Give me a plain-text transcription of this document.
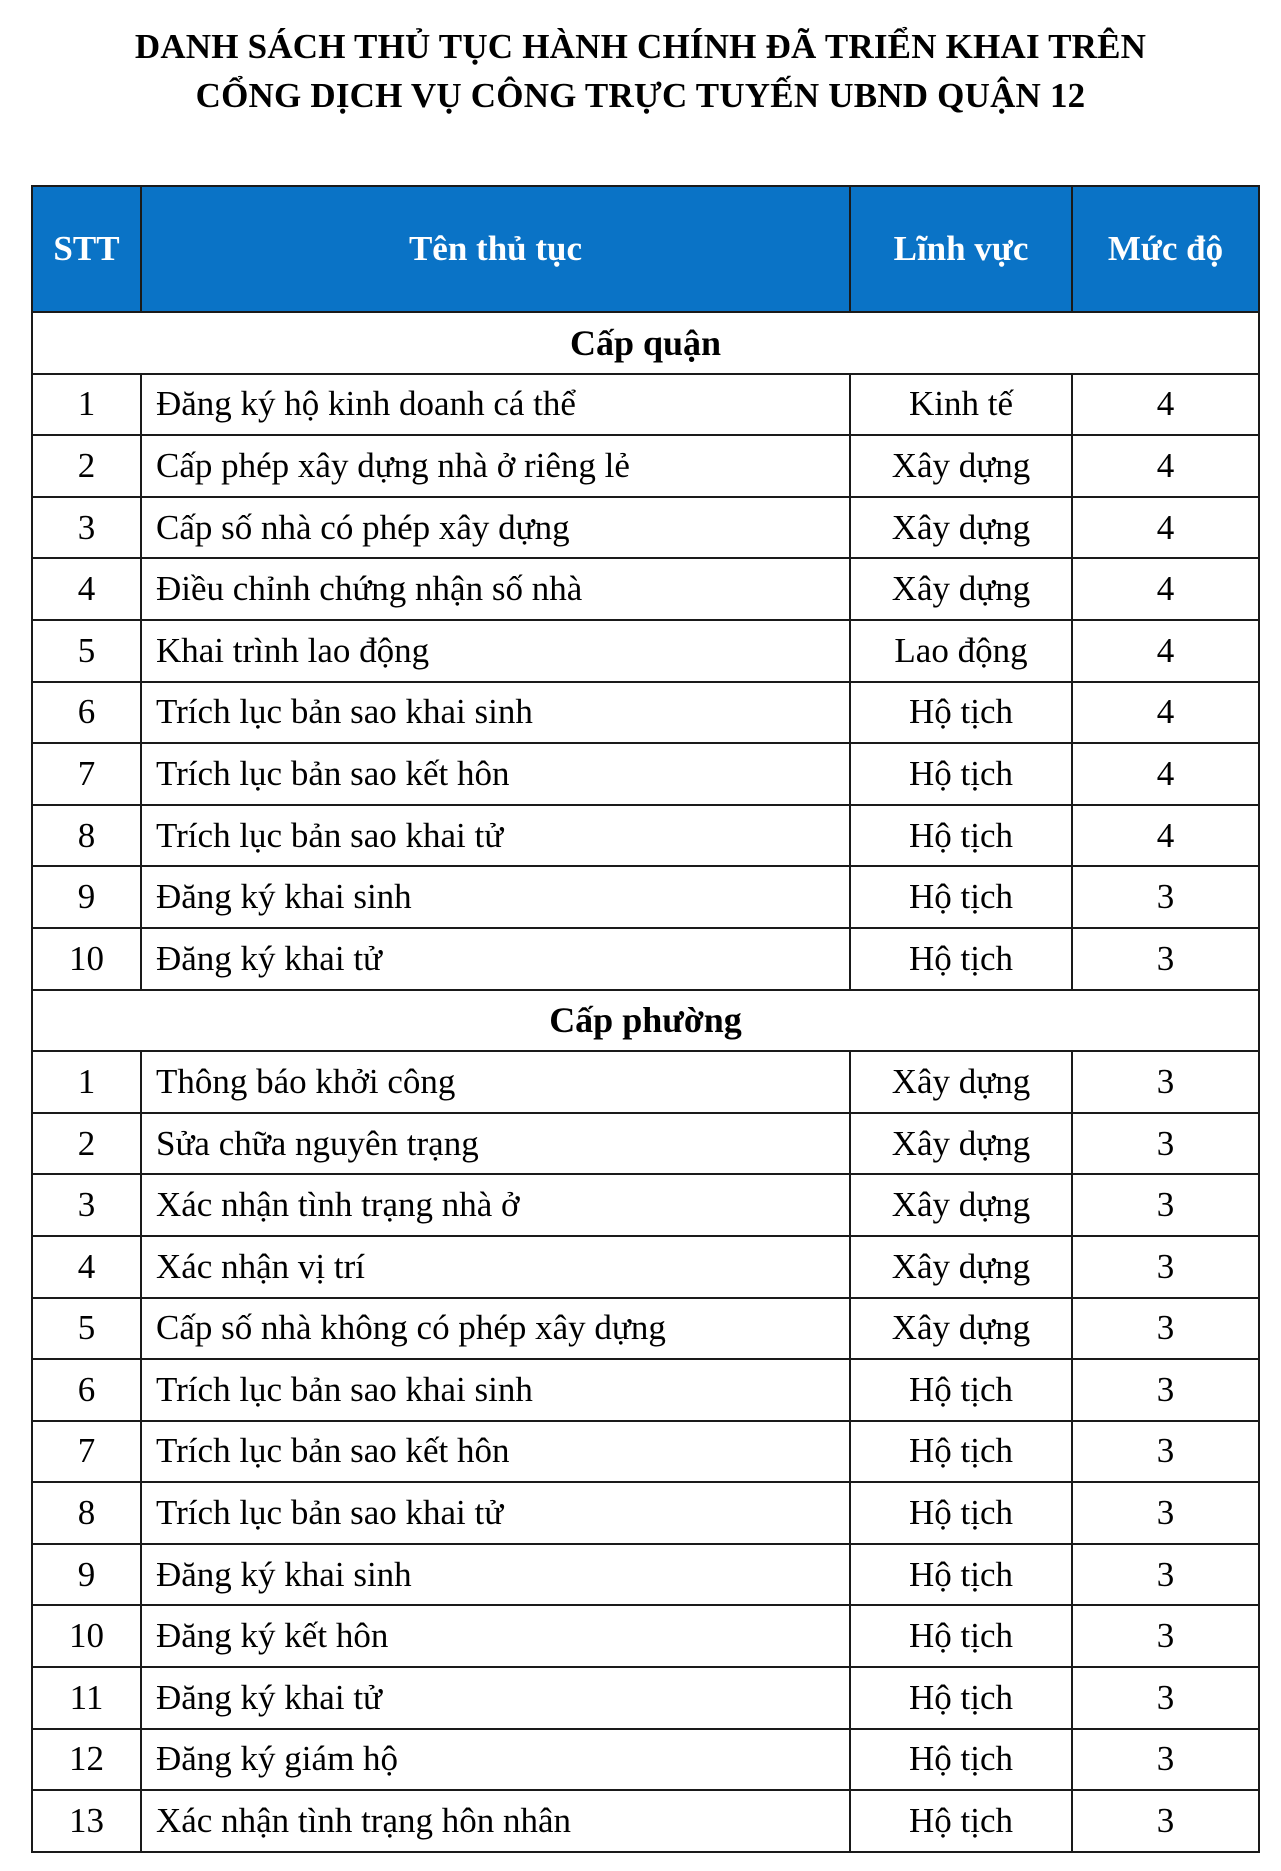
DANH SÁCH THỦ TỤC HÀNH CHÍNH ĐÃ TRIỂN KHAI TRÊN
CỔNG DỊCH VỤ CÔNG TRỰC TUYẾN UBND QUẬN 12
STT	Tên thủ tục	Lĩnh vực	Mức độ
Cấp quận			
1	Đăng ký hộ kinh doanh cá thể	Kinh tế	4
2	Cấp phép xây dựng nhà ở riêng lẻ	Xây dựng	4
3	Cấp số nhà có phép xây dựng	Xây dựng	4
4	Điều chỉnh chứng nhận số nhà	Xây dựng	4
5	Khai trình lao động	Lao động	4
6	Trích lục bản sao khai sinh	Hộ tịch	4
7	Trích lục bản sao kết hôn	Hộ tịch	4
8	Trích lục bản sao khai tử	Hộ tịch	4
9	Đăng ký khai sinh	Hộ tịch	3
10	Đăng ký khai tử	Hộ tịch	3
Cấp phường			
1	Thông báo khởi công	Xây dựng	3
2	Sửa chữa nguyên trạng	Xây dựng	3
3	Xác nhận tình trạng nhà ở	Xây dựng	3
4	Xác nhận vị trí	Xây dựng	3
5	Cấp số nhà không có phép xây dựng	Xây dựng	3
6	Trích lục bản sao khai sinh	Hộ tịch	3
7	Trích lục bản sao kết hôn	Hộ tịch	3
8	Trích lục bản sao khai tử	Hộ tịch	3
9	Đăng ký khai sinh	Hộ tịch	3
10	Đăng ký kết hôn	Hộ tịch	3
11	Đăng ký khai tử	Hộ tịch	3
12	Đăng ký giám hộ	Hộ tịch	3
13	Xác nhận tình trạng hôn nhân	Hộ tịch	3
